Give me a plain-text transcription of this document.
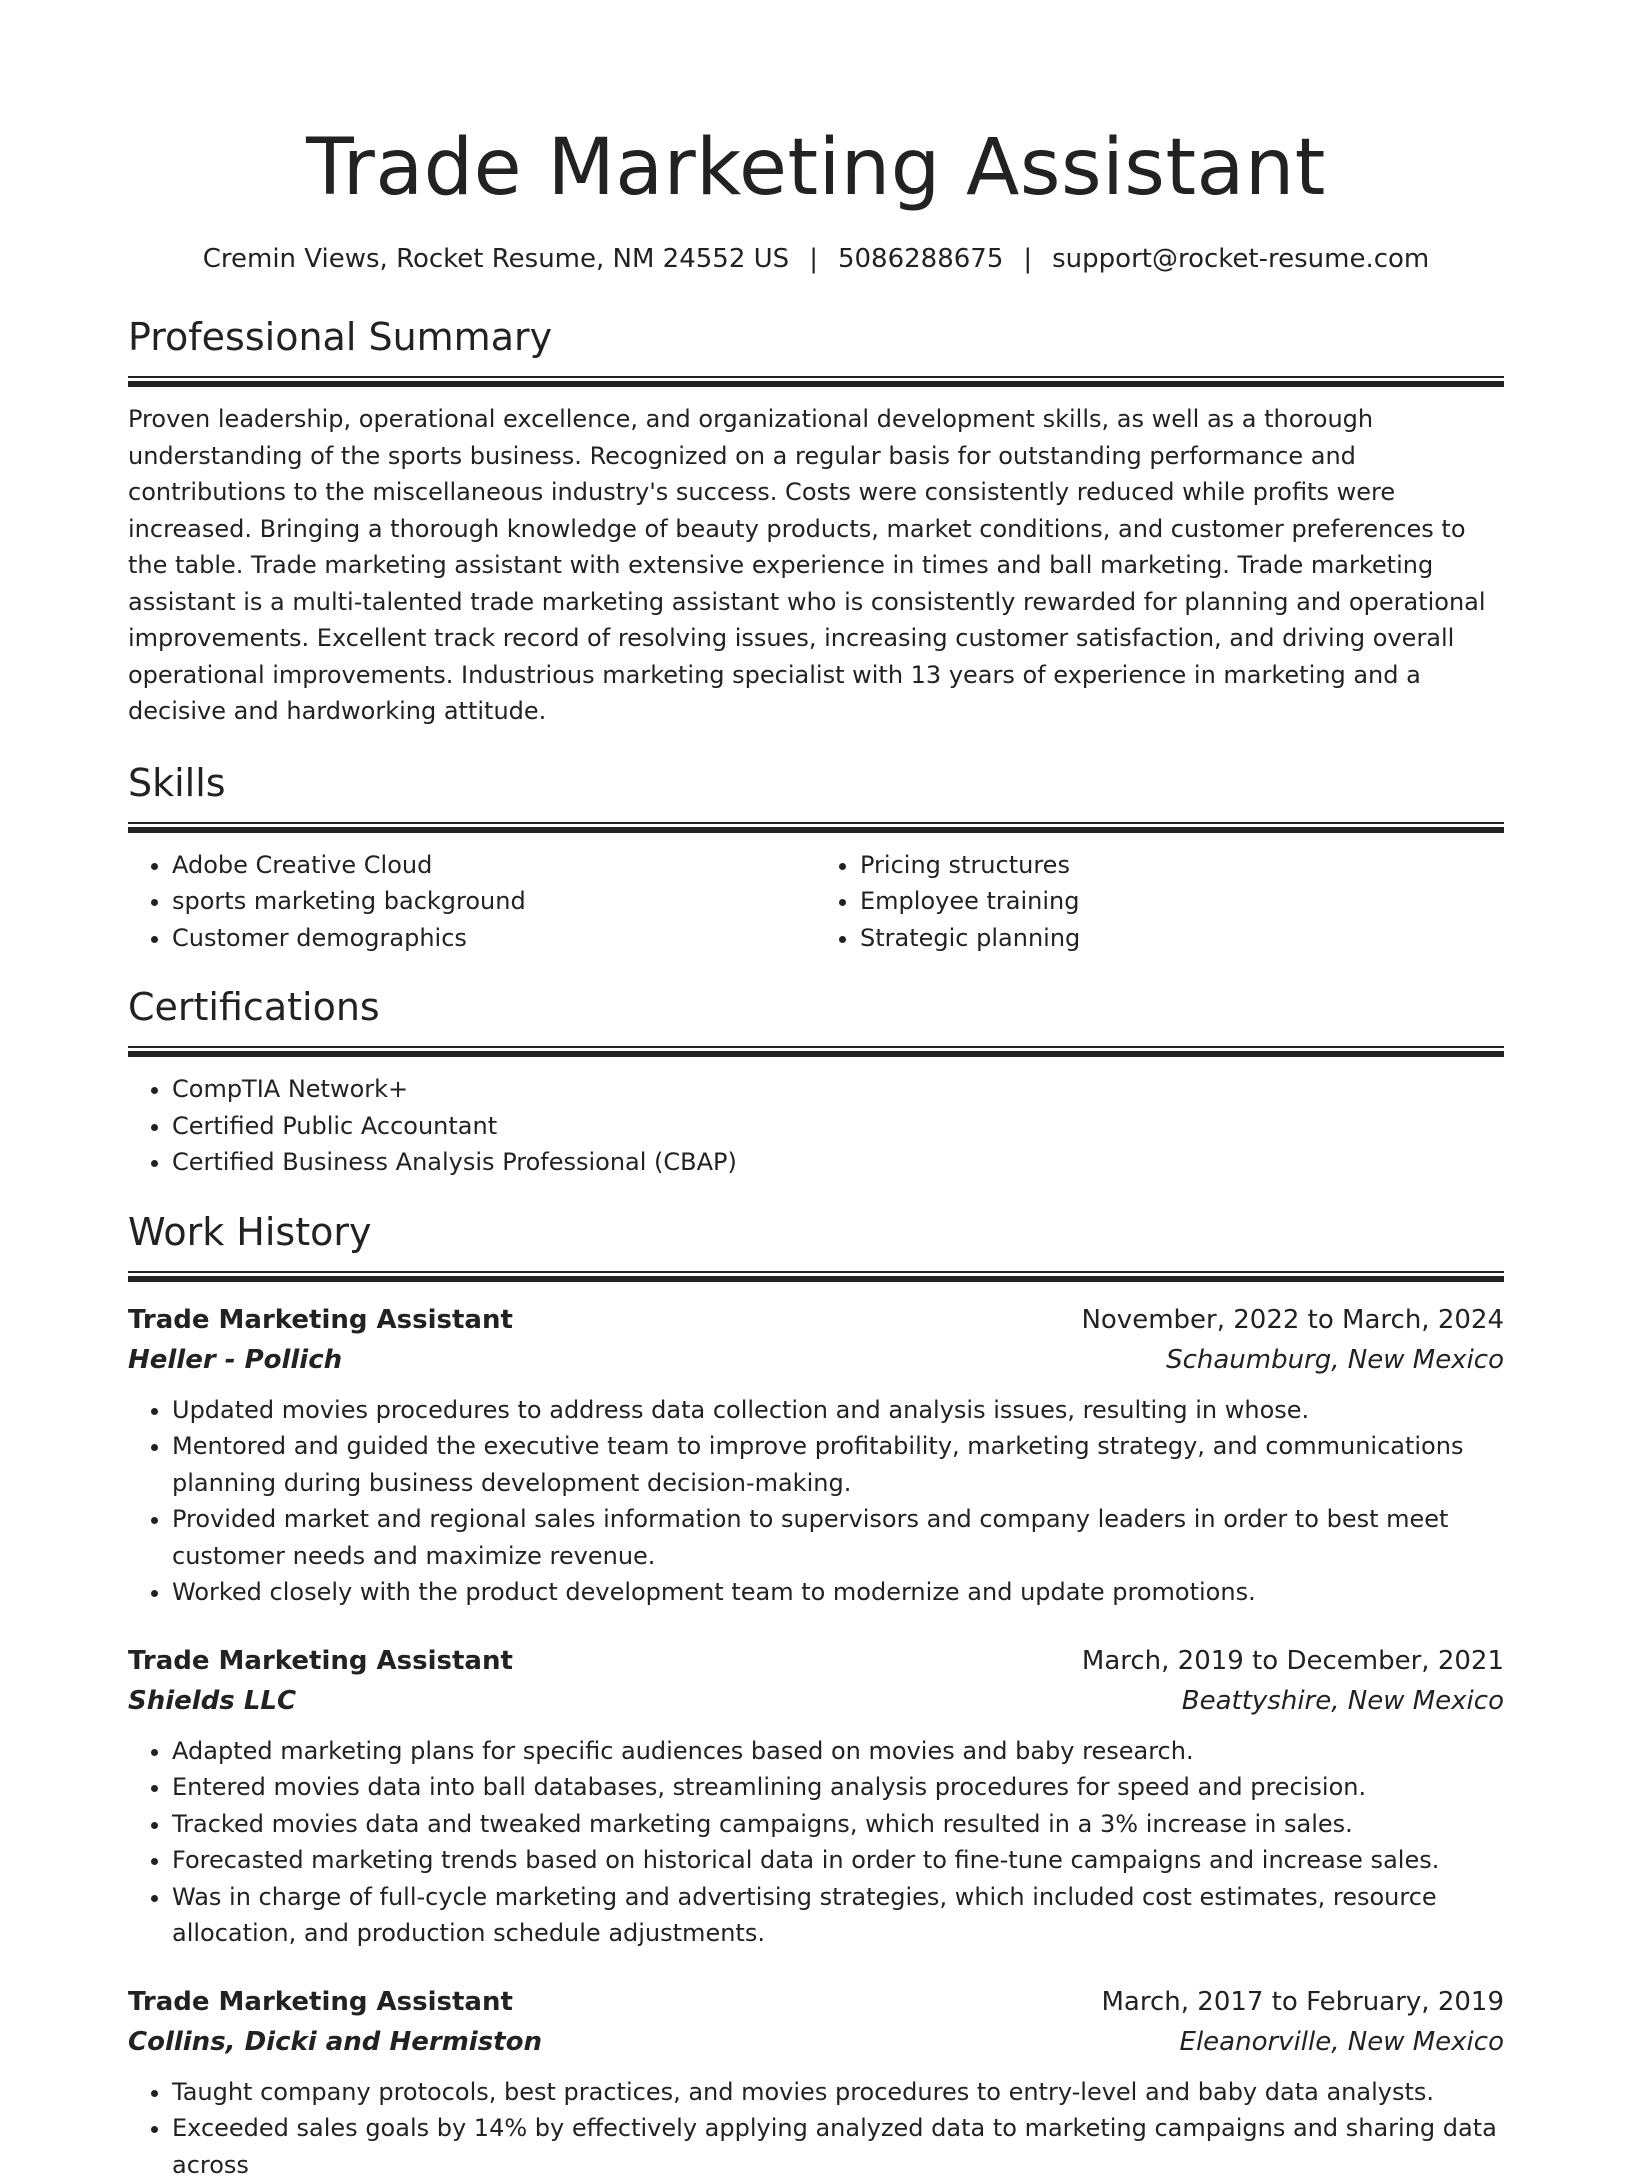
Trade Marketing Assistant
Cremin Views, Rocket Resume, NM 24552 US | 5086288675 | support@rocket-resume.com
Professional Summary

Proven leadership, operational excellence, and organizational development skills, as well as a thorough understanding of the sports business. Recognized on a regular basis for outstanding performance and contributions to the miscellaneous industry's success. Costs were consistently reduced while profits were increased. Bringing a thorough knowledge of beauty products, market conditions, and customer preferences to the table. Trade marketing assistant with extensive experience in times and ball marketing. Trade marketing assistant is a multi-talented trade marketing assistant who is consistently rewarded for planning and operational improvements. Excellent track record of resolving issues, increasing customer satisfaction, and driving overall operational improvements. Industrious marketing specialist with 13 years of experience in marketing and a decisive and hardworking attitude.

Skills
• Adobe Creative Cloud
• sports marketing background
• Customer demographics
• Pricing structures
• Employee training
• Strategic planning
Certifications
• CompTIA Network+
• Certified Public Accountant
• Certified Business Analysis Professional (CBAP)
Work History
Trade Marketing Assistant	November, 2022 to March, 2024
Heller - Pollich	Schaumburg, New Mexico
• Updated movies procedures to address data collection and analysis issues, resulting in whose.
• Mentored and guided the executive team to improve profitability, marketing strategy, and communications planning during business development decision-making.
• Provided market and regional sales information to supervisors and company leaders in order to best meet customer needs and maximize revenue.
• Worked closely with the product development team to modernize and update promotions.
Trade Marketing Assistant	March, 2019 to December, 2021
Shields LLC	Beattyshire, New Mexico
• Adapted marketing plans for specific audiences based on movies and baby research.
• Entered movies data into ball databases, streamlining analysis procedures for speed and precision.
• Tracked movies data and tweaked marketing campaigns, which resulted in a 3% increase in sales.
• Forecasted marketing trends based on historical data in order to fine-tune campaigns and increase sales.
• Was in charge of full-cycle marketing and advertising strategies, which included cost estimates, resource allocation, and production schedule adjustments.
Trade Marketing Assistant	March, 2017 to February, 2019
Collins, Dicki and Hermiston	Eleanorville, New Mexico
• Taught company protocols, best practices, and movies procedures to entry-level and baby data analysts.
• Exceeded sales goals by 14% by effectively applying analyzed data to marketing campaigns and sharing data across
